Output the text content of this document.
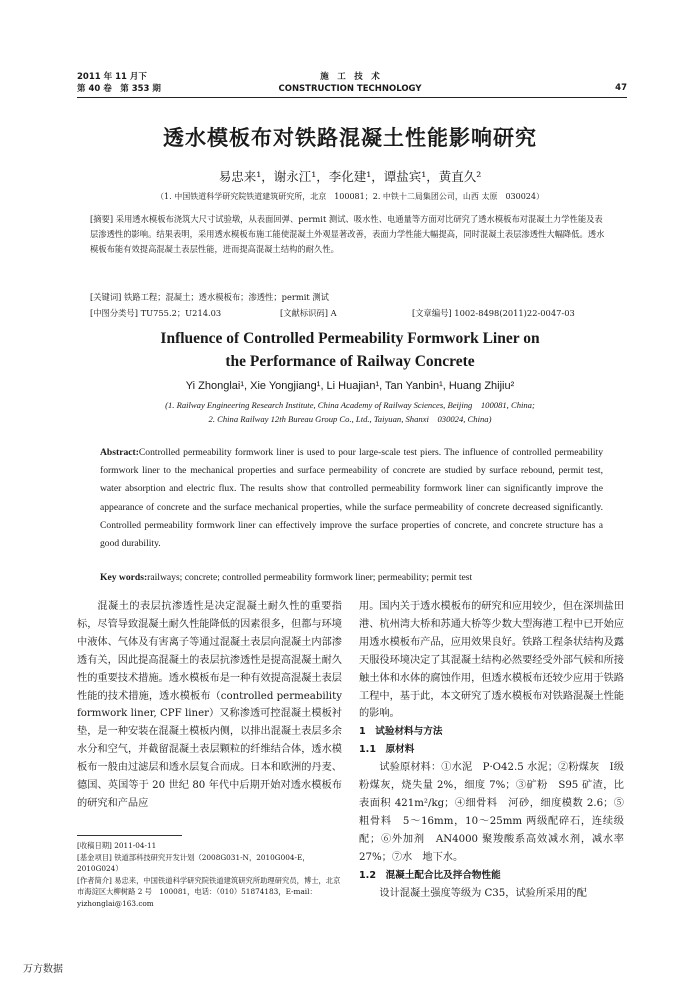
2011 年 11 月下
第 40 卷　第 353 期
施　工　技　术
CONSTRUCTION TECHNOLOGY	47
透水模板布对铁路混凝土性能影响研究
易忠来¹，谢永江¹，李化建¹，谭盐宾¹，黄直久²
（1. 中国铁道科学研究院铁道建筑研究所，北京　100081；2. 中铁十二局集团公司，山西 太原　030024）
[摘要] 采用透水模板布浇筑大尺寸试验墩，从表面回弹、permit 测试、吸水性、电通量等方面对比研究了透水模板布对混凝土力学性能及表层渗透性的影响。结果表明，采用透水模板布施工能使混凝土外观显著改善，表面力学性能大幅提高，同时混凝土表层渗透性大幅降低。透水模板布能有效提高混凝土表层性能，进而提高混凝土结构的耐久性。
[关键词] 铁路工程；混凝土；透水模板布；渗透性；permit 测试
[中图分类号] TU755.2；U214.03	[文献标识码] A	[文章编号] 1002-8498(2011)22-0047-03
Influence of Controlled Permeability Formwork Liner on the Performance of Railway Concrete
Yi Zhonglai¹, Xie Yongjiang¹, Li Huajian¹, Tan Yanbin¹, Huang Zhijiu²
(1. Railway Engineering Research Institute, China Academy of Railway Sciences, Beijing　100081, China;
2. China Railway 12th Bureau Group Co., Ltd., Taiyuan, Shanxi　030024, China)
Abstract:Controlled permeability formwork liner is used to pour large-scale test piers. The influence of controlled permeability formwork liner to the mechanical properties and surface permeability of concrete are studied by surface rebound, permit test, water absorption and electric flux. The results show that controlled permeability formwork liner can significantly improve the appearance of concrete and the surface mechanical properties, while the surface permeability of concrete decreased significantly. Controlled permeability formwork liner can effectively improve the surface properties of concrete, and concrete structure has a good durability.
Key words:railways; concrete; controlled permeability formwork liner; permeability; permit test
混凝土的表层抗渗透性是决定混凝土耐久性的重要指标，尽管导致混凝土耐久性能降低的因素很多，但都与环境中液体、气体及有害离子等通过混凝土表层向混凝土内部渗透有关，因此提高混凝土的表层抗渗透性是提高混凝土耐久性的重要技术措施。透水模板布是一种有效提高混凝土表层性能的技术措施，透水模板布（controlled permeability formwork liner, CPF liner）又称渗透可控混凝土模板衬垫，是一种安装在混凝土模板内侧，以排出混凝土表层多余水分和空气，并截留混凝土表层颗粒的纤维结合体，透水模板布一般由过滤层和透水层复合而成。日本和欧洲的丹麦、德国、英国等于 20 世纪 80 年代中后期开始对透水模板布的研究和产品应
用。国内关于透水模板布的研究和应用较少，但在深圳盐田港、杭州湾大桥和苏通大桥等少数大型海港工程中已开始应用透水模板布产品，应用效果良好。铁路工程条状结构及露天服役环境决定了其混凝土结构必然要经受外部气候和所接触土体和水体的腐蚀作用，但透水模板布还较少应用于铁路工程中，基于此，本文研究了透水模板布对铁路混凝土性能的影响。
1　试验材料与方法
1.1　原材料
试验原材料：①水泥　P·O42.5 水泥；②粉煤灰　Ⅰ级粉煤灰，烧失量 2%，细度 7%；③矿粉　S95 矿渣，比表面积 421m²/kg；④细骨料　河砂，细度模数 2.6；⑤粗骨料　5～16mm，10～25mm 两级配碎石，连续级配；⑥外加剂　AN4000 聚羧酸系高效减水剂，减水率 27%；⑦水　地下水。
1.2　混凝土配合比及拌合物性能
设计混凝土强度等级为 C35，试验所采用的配
[收稿日期] 2011-04-11
[基金项目] 铁道部科技研究开发计划（2008G031-N，2010G004-E，2010G024）
[作者简介] 易忠来，中国铁道科学研究院铁道建筑研究所助理研究员，博士，北京市海淀区大柳树路 2 号　100081，电话：（010）51874183，E-mail：yizhonglai@163.com
万方数据
